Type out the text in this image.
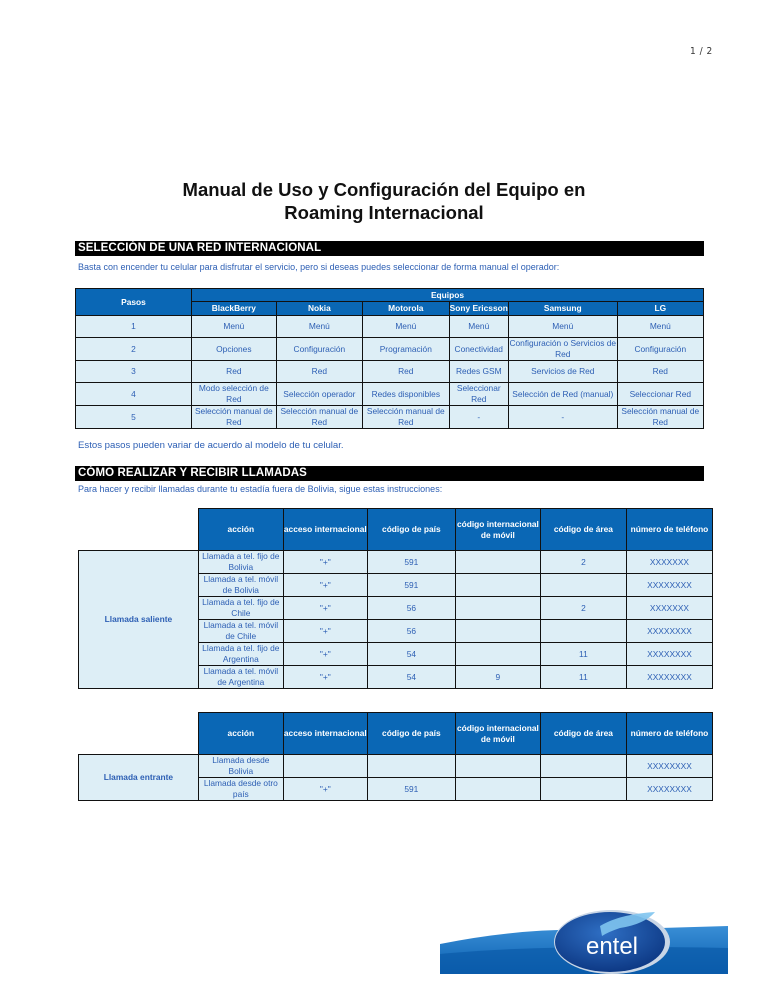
1 / 2
Manual de Uso y Configuración del Equipo en
Roaming Internacional
SELECCIÓN DE UNA RED INTERNACIONAL
Basta con encender tu celular para disfrutar el servicio, pero si deseas puedes seleccionar de forma manual el operador:
Pasos	Equipos					
	BlackBerry	Nokia	Motorola	Sony Ericsson	Samsung	LG
1	Menú	Menú	Menú	Menú	Menú	Menú
2	Opciones	Configuración	Programación	Conectividad	Configuración o Servicios de Red	Configuración
3	Red	Red	Red	Redes GSM	Servicios de Red	Red
4	Modo selección de Red	Selección operador	Redes disponibles	Seleccionar Red	Selección de Red (manual)	Seleccionar Red
5	Selección manual de Red	Selección manual de Red	Selección manual de Red	-	-	Selección manual de Red
Estos pasos pueden variar de acuerdo al modelo de tu celular.
CÓMO REALIZAR Y RECIBIR LLAMADAS
Para hacer y recibir llamadas durante tu estadía fuera de Bolivia, sigue estas instrucciones:
	acción	acceso internacional	código de país	código internacional de móvil	código de área	número de teléfono
Llamada saliente	Llamada a tel. fijo de Bolivia	"+"	591		2	XXXXXXX
	Llamada a tel. móvil de Bolivia	"+"	591			XXXXXXXX
	Llamada a tel. fijo de Chile	"+"	56		2	XXXXXXX
	Llamada a tel. móvil de Chile	"+"	56			XXXXXXXX
	Llamada a tel. fijo de Argentina	"+"	54		11	XXXXXXXX
	Llamada a tel. móvil de Argentina	"+"	54	9	11	XXXXXXXX
	acción	acceso internacional	código de país	código internacional de móvil	código de área	número de teléfono
Llamada entrante	Llamada desde Bolivia					XXXXXXXX
	Llamada desde otro país	"+"	591			XXXXXXXX
entel
